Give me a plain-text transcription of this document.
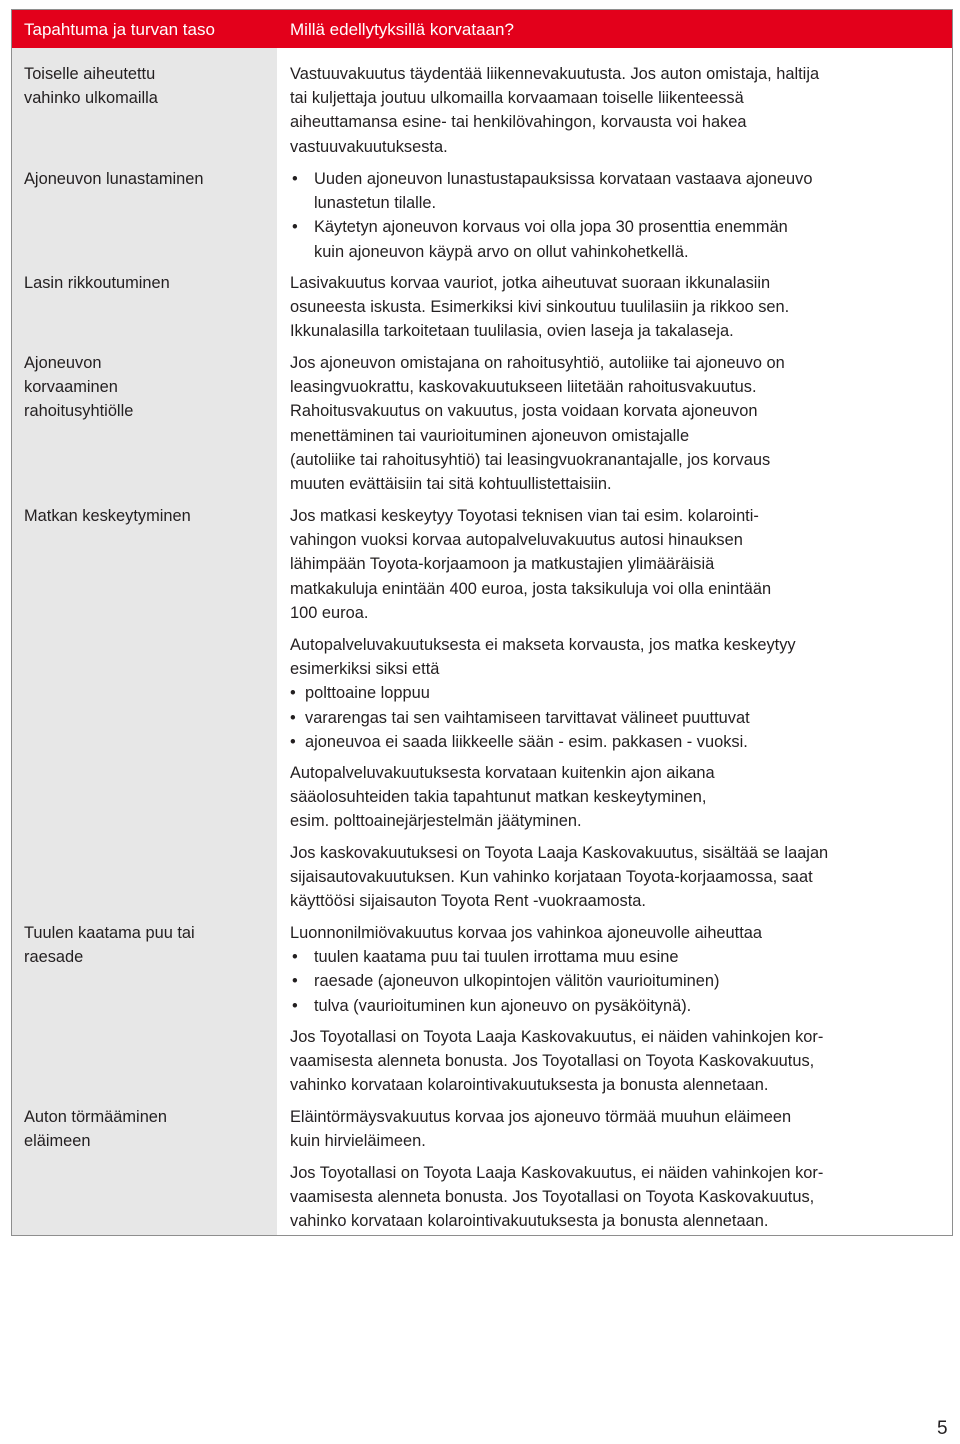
Tapahtuma ja turvan taso	Millä edellytyksillä korvataan?
Toiselle aiheutettu
vahinko ulkomailla
Vastuuvakuutus täydentää liikennevakuutusta. Jos auton omistaja, haltija
tai kuljettaja joutuu ulkomailla korvaamaan toiselle liikenteessä
aiheuttamansa esine- tai henkilövahingon, korvausta voi hakea
vastuuvakuutuksesta.
Ajoneuvon lunastaminen
•	Uuden ajoneuvon lunastustapauksissa korvataan vastaava ajoneuvo
lunastetun tilalle.
• Käytetyn ajoneuvon korvaus voi olla jopa 30 prosenttia enemmän
kuin ajoneuvon käypä arvo on ollut vahinkohetkellä.
Lasin rikkoutuminen	Lasivakuutus korvaa vauriot, jotka aiheutuvat suoraan ikkunalasiin
osuneesta iskusta. Esimerkiksi kivi sinkoutuu tuulilasiin ja rikkoo sen.
Ikkunalasilla tarkoitetaan tuulilasia, ovien laseja ja takalaseja.
Ajoneuvon
korvaaminen
rahoitusyhtiölle
Jos ajoneuvon omistajana on rahoitusyhtiö, autoliike tai ajoneuvo on
leasingvuokrattu, kaskovakuutukseen liitetään rahoitusvakuutus.
Rahoitusvakuutus on vakuutus, josta voidaan korvata ajoneuvon
menettäminen tai vaurioituminen ajoneuvon omistajalle
(autoliike tai rahoitusyhtiö) tai leasingvuokranantajalle, jos korvaus
muuten evättäisiin tai sitä kohtuullistettaisiin.
Matkan keskeytyminen	Jos matkasi keskeytyy Toyotasi teknisen vian tai esim. kolarointi-
vahingon vuoksi korvaa autopalveluvakuutus autosi hinauksen
lähimpään Toyota-korjaamoon ja matkustajien ylimääräisiä
matkakuluja enintään 400 euroa, josta taksikuluja voi olla enintään
100 euroa.
Autopalveluvakuutuksesta ei makseta korvausta, jos matka keskeytyy
esimerkiksi siksi että
• polttoaine loppuu
• vararengas tai sen vaihtamiseen tarvittavat välineet puuttuvat
• ajoneuvoa ei saada liikkeelle sään - esim. pakkasen - vuoksi.
Autopalveluvakuutuksesta korvataan kuitenkin ajon aikana
sääolosuhteiden takia tapahtunut matkan keskeytyminen,
esim. polttoainejärjestelmän jäätyminen.
Jos kaskovakuutuksesi on Toyota Laaja Kaskovakuutus, sisältää se laajan
sijaisautovakuutuksen. Kun vahinko korjataan Toyota-korjaamossa, saat
käyttöösi sijaisauton Toyota Rent -vuokraamosta.
Tuulen kaatama puu tai
raesade
Luonnonilmiövakuutus korvaa jos vahinkoa ajoneuvolle aiheuttaa
• tuulen kaatama puu tai tuulen irrottama muu esine
• raesade (ajoneuvon ulkopintojen välitön vaurioituminen)
• tulva (vaurioituminen kun ajoneuvo on pysäköitynä).
Jos Toyotallasi on Toyota Laaja Kaskovakuutus, ei näiden vahinkojen kor-
vaamisesta alenneta bonusta. Jos Toyotallasi on Toyota Kaskovakuutus,
vahinko korvataan kolarointivakuutuksesta ja bonusta alennetaan.
Auton törmääminen
eläimeen
Eläintörmäysvakuutus korvaa jos ajoneuvo törmää muuhun eläimeen
kuin hirvieläimeen.
Jos Toyotallasi on Toyota Laaja Kaskovakuutus, ei näiden vahinkojen kor-
vaamisesta alenneta bonusta. Jos Toyotallasi on Toyota Kaskovakuutus,
vahinko korvataan kolarointivakuutuksesta ja bonusta alennetaan.
5
